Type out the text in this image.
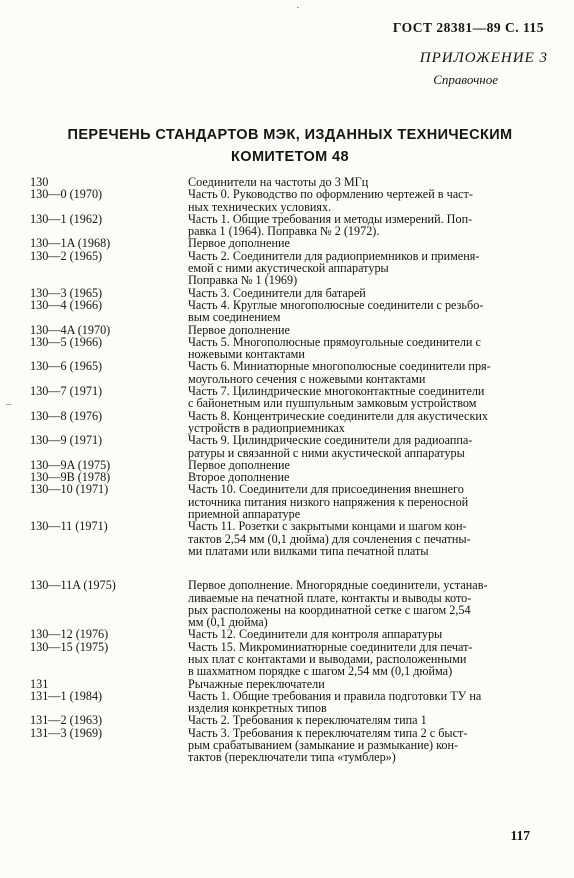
ГОСТ 28381—89 С. 115
ПРИЛОЖЕНИЕ 3
Справочное
ПЕРЕЧЕНЬ СТАНДАРТОВ МЭК, ИЗДАННЫХ ТЕХНИЧЕСКИМ
КОМИТЕТОМ 48
130	Соединители на частоты до 3 МГц
130—0 (1970)	Часть 0. Руководство по оформлению чертежей в част-
ных технических условиях.
130—1 (1962)	Часть 1. Общие требования и методы измерений. Поп-
равка 1 (1964). Поправка № 2 (1972).
130—1A (1968)	Первое дополнение
130—2 (1965)	Часть 2. Соединители для радиоприемников и применя-
емой с ними акустической аппаратуры
Поправка № 1 (1969)
130—3 (1965)	Часть 3. Соединители для батарей
130—4 (1966)	Часть 4. Круглые многополюсные соединители с резьбо-
вым соединением
130—4A (1970)	Первое дополнение
130—5 (1966)	Часть 5. Многополюсные прямоугольные соединители с
ножевыми контактами
130—6 (1965)	Часть 6. Миниатюрные многополюсные соединители пря-
моугольного сечения с ножевыми контактами
130—7 (1971)	Часть 7. Цилиндрические многоконтактные соединители
с байонетным или пушпульным замковым устройством
130—8 (1976)	Часть 8. Концентрические соединители для акустических
устройств в радиоприемниках
130—9 (1971)	Часть 9. Цилиндрические соединители для радиоаппа-
ратуры и связанной с ними акустической аппаратуры
130—9A (1975)	Первое дополнение
130—9B (1978)	Второе дополнение
130—10 (1971)	Часть 10. Соединители для присоединения внешнего
источника питания низкого напряжения к переносной
приемной аппаратуре
130—11 (1971)	Часть 11. Розетки с закрытыми концами и шагом кон-
тактов 2,54 мм (0,1 дюйма) для сочленения с печатны-
ми платами или вилками типа печатной платы
130—11A (1975)	Первое дополнение. Многорядные соединители, устанав-
ливаемые на печатной плате, контакты и выводы кото-
рых расположены на координатной сетке с шагом 2,54
мм (0,1 дюйма)
130—12 (1976)	Часть 12. Соединители для контроля аппаратуры
130—15 (1975)	Часть 15. Микроминиатюрные соединители для печат-
ных плат с контактами и выводами, расположенными
в шахматном порядке с шагом 2,54 мм (0,1 дюйма)
131	Рычажные переключатели
131—1 (1984)	Часть 1. Общие требования и правила подготовки ТУ на
изделия конкретных типов
131—2 (1963)	Часть 2. Требования к переключателям типа 1
131—3 (1969)	Часть 3. Требования к переключателям типа 2 с быст-
рым срабатыванием (замыкание и размыкание) кон-
тактов (переключатели типа «тумблер»)
117
·
–
